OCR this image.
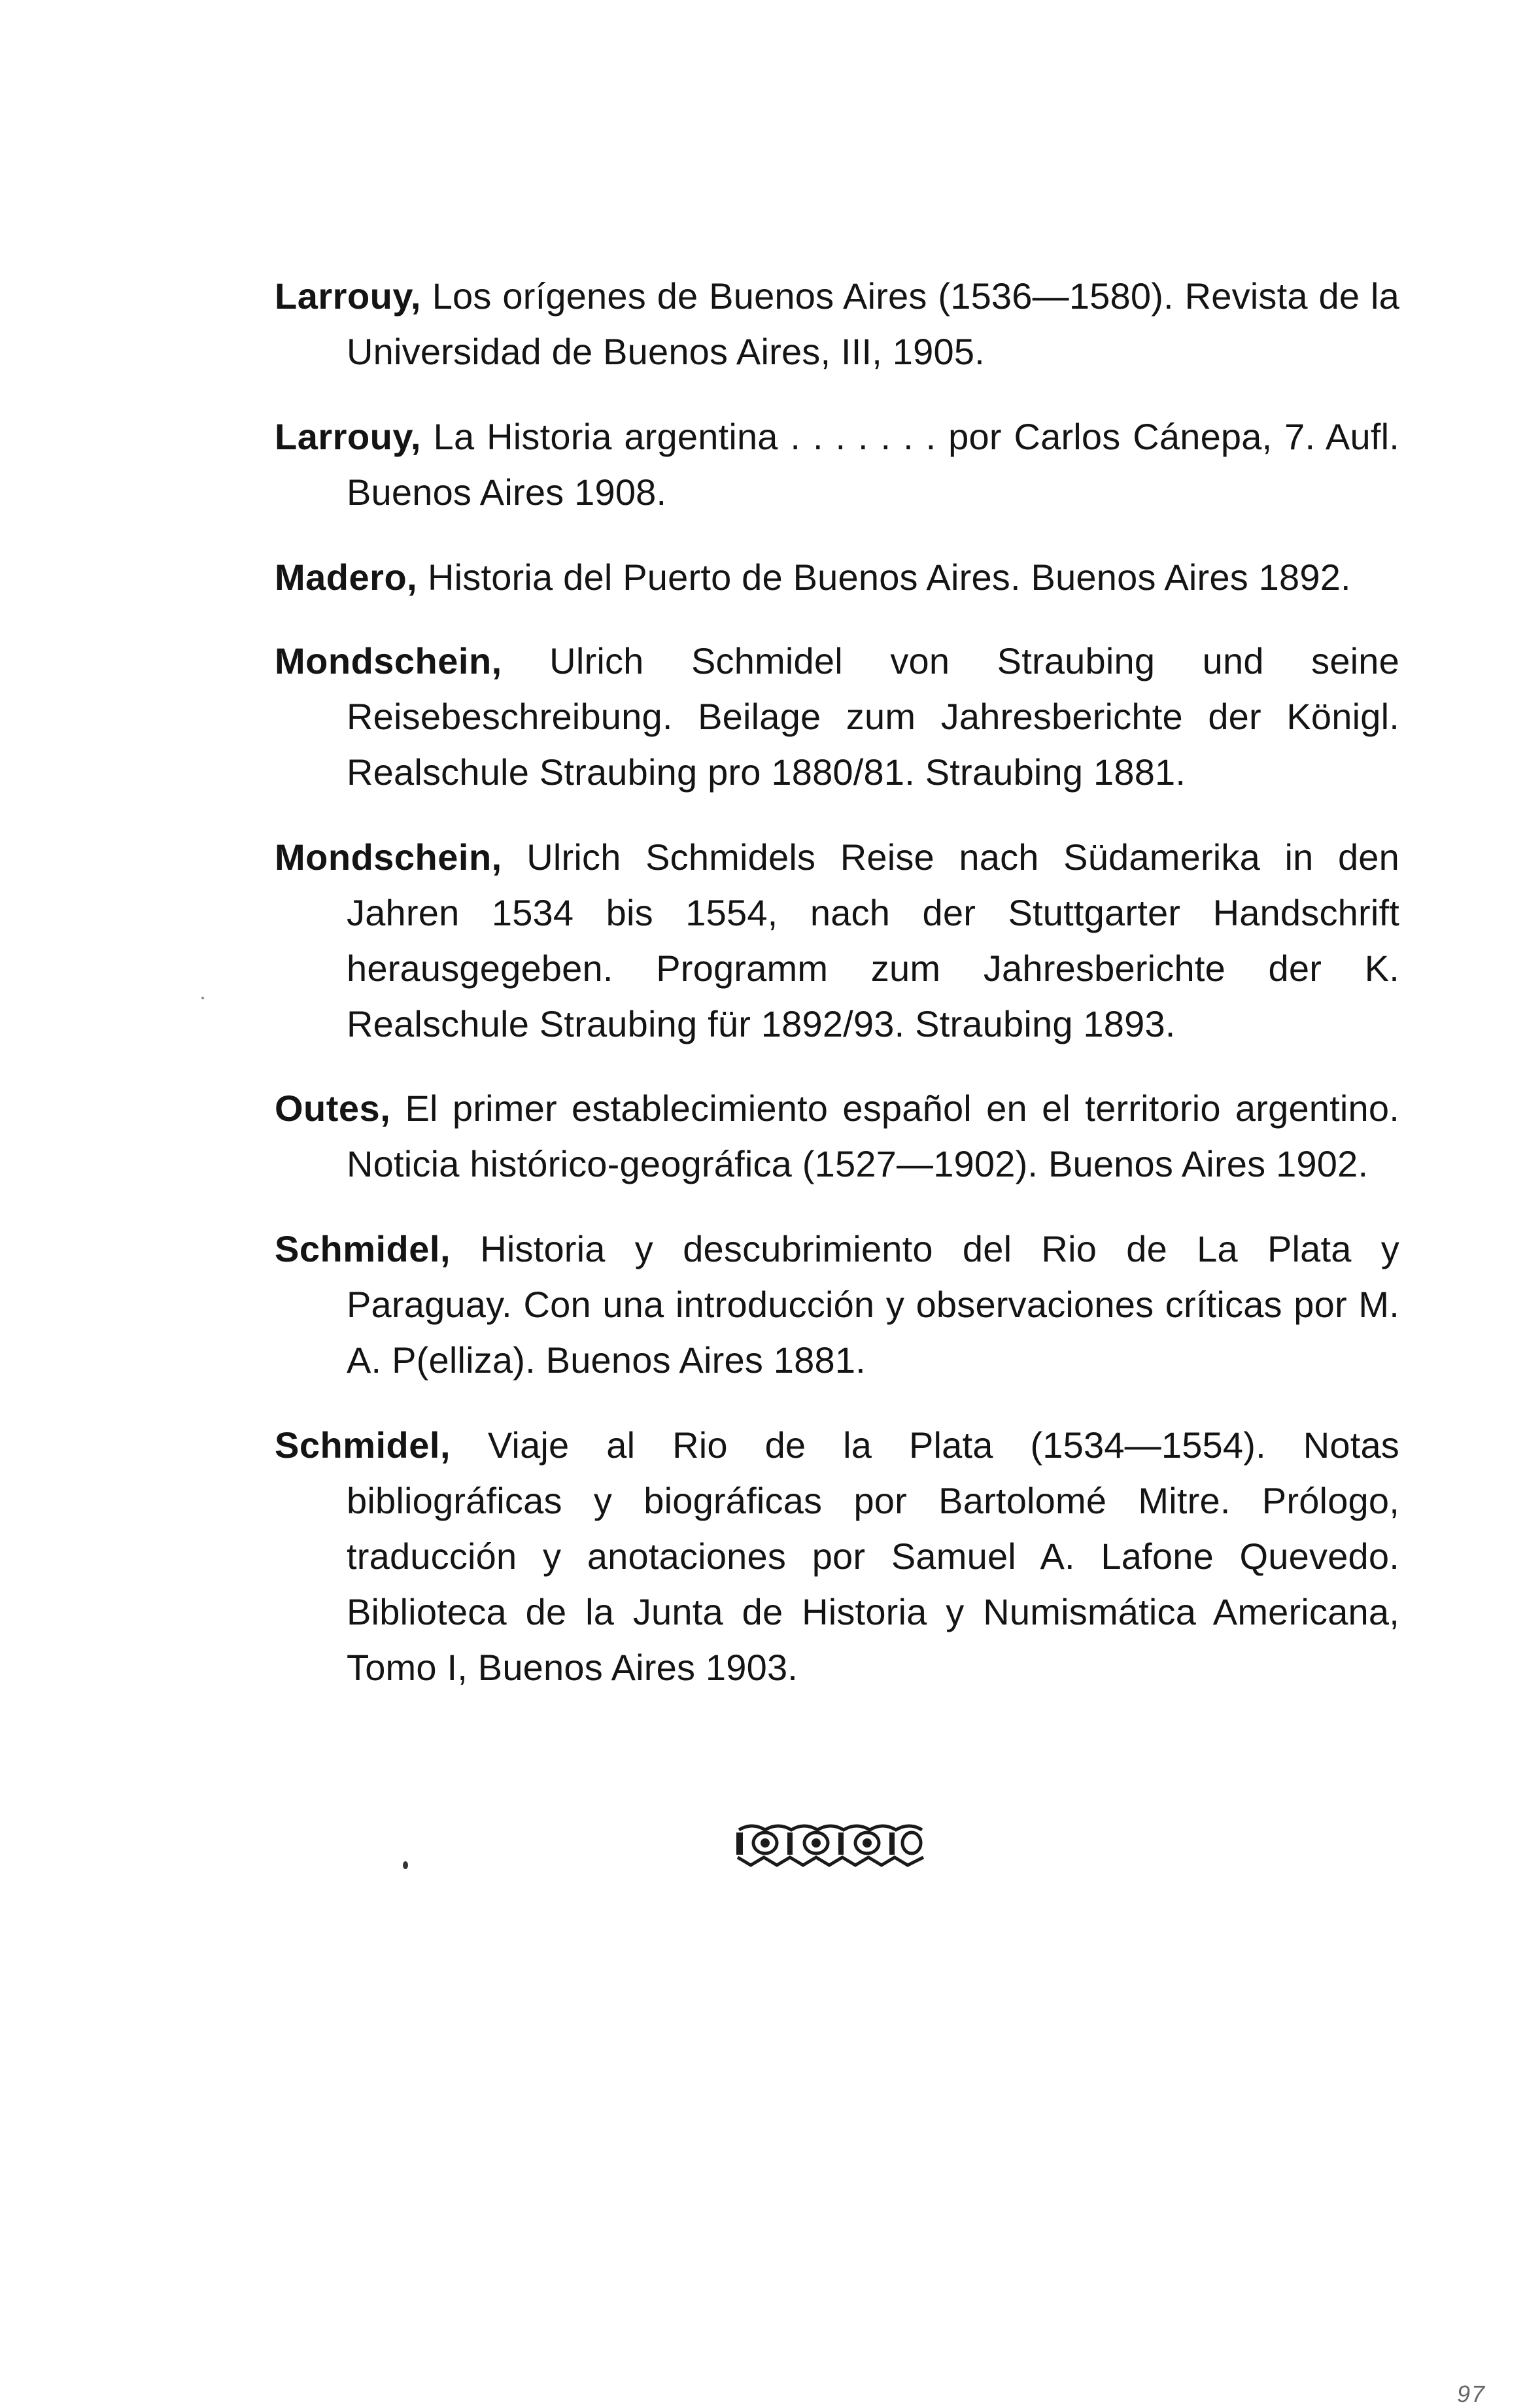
Larrouy, Los orígenes de Buenos Aires (1536—1580). Revista de la Universidad de Buenos Aires, III, 1905.
Larrouy, La Historia argentina . . . . . . . por Carlos Cánepa, 7. Aufl. Buenos Aires 1908.
Madero, Historia del Puerto de Buenos Aires. Buenos Aires 1892.
Mondschein, Ulrich Schmidel von Straubing und seine Reisebeschreibung. Beilage zum Jahresberichte der Königl. Realschule Straubing pro 1880/81. Straubing 1881.
Mondschein, Ulrich Schmidels Reise nach Südamerika in den Jahren 1534 bis 1554, nach der Stuttgarter Handschrift herausgegeben. Programm zum Jahresberichte der K. Realschule Straubing für 1892/93. Straubing 1893.
Outes, El primer establecimiento español en el territorio argentino. Noticia histórico-geográfica (1527—1902). Buenos Aires 1902.
Schmidel, Historia y descubrimiento del Rio de La Plata y Paraguay. Con una introducción y observaciones críticas por M. A. P(elliza). Buenos Aires 1881.
Schmidel, Viaje al Rio de la Plata (1534—1554). Notas bibliográficas y biográficas por Bartolomé Mitre. Prólogo, traducción y anotaciones por Samuel A. Lafone Quevedo. Biblioteca de la Junta de Historia y Numismática Americana, Tomo I, Buenos Aires 1903.
97
